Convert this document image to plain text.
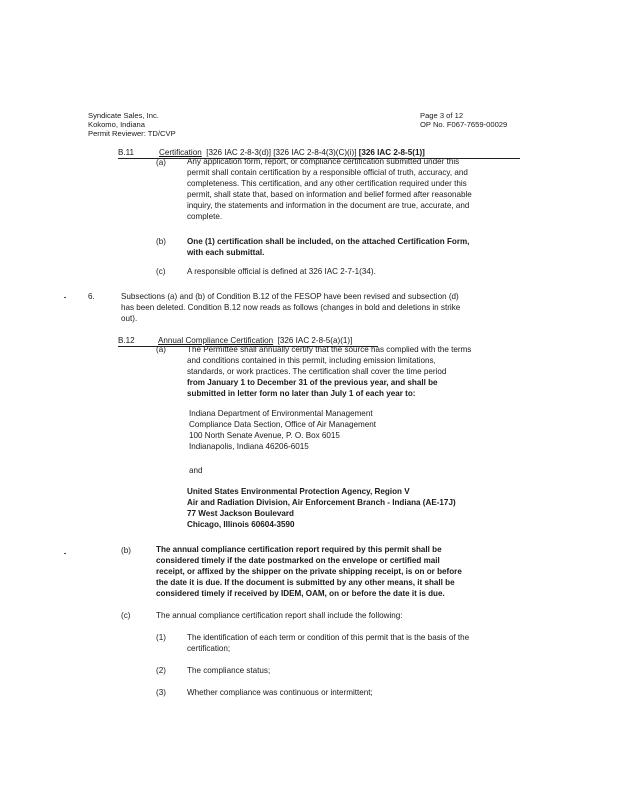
Syndicate Sales, Inc.
Kokomo, Indiana
Permit Reviewer: TD/CVP
Page 3 of 12
OP No. F067-7659-00029
B.11	Certification [326 IAC 2-8-3(d)] [326 IAC 2-8-4(3)(C)(i)] [326 IAC 2-8-5(1)]
(a)	Any application form, report, or compliance certification submitted under this
permit shall contain certification by a responsible official of truth, accuracy, and
completeness. This certification, and any other certification required under this
permit, shall state that, based on information and belief formed after reasonable
inquiry, the statements and information in the document are true, accurate, and
complete.
(b)	One (1) certification shall be included, on the attached Certification Form,
with each submittal.
(c)	A responsible official is defined at 326 IAC 2-7-1(34).
6.	Subsections (a) and (b) of Condition B.12 of the FESOP have been revised and subsection (d)
has been deleted. Condition B.12 now reads as follows (changes in bold and deletions in strike
out).
B.12	Annual Compliance Certification [326 IAC 2-8-5(a)(1)]
(a)	The Permittee shall annually certify that the source has complied with the terms
and conditions contained in this permit, including emission limitations,
standards, or work practices. The certification shall cover the time period
from January 1 to December 31 of the previous year, and shall be
submitted in letter form no later than July 1 of each year to:
Indiana Department of Environmental Management
Compliance Data Section, Office of Air Management
100 North Senate Avenue, P. O. Box 6015
Indianapolis, Indiana 46206-6015
and
United States Environmental Protection Agency, Region V
Air and Radiation Division, Air Enforcement Branch - Indiana (AE-17J)
77 West Jackson Boulevard
Chicago, Illinois 60604-3590
(b)	The annual compliance certification report required by this permit shall be
considered timely if the date postmarked on the envelope or certified mail
receipt, or affixed by the shipper on the private shipping receipt, is on or before
the date it is due. If the document is submitted by any other means, it shall be
considered timely if received by IDEM, OAM, on or before the date it is due.
(c)	The annual compliance certification report shall include the following:
(1)	The identification of each term or condition of this permit that is the basis of the
certification;
(2)	The compliance status;
(3)	Whether compliance was continuous or intermittent;
